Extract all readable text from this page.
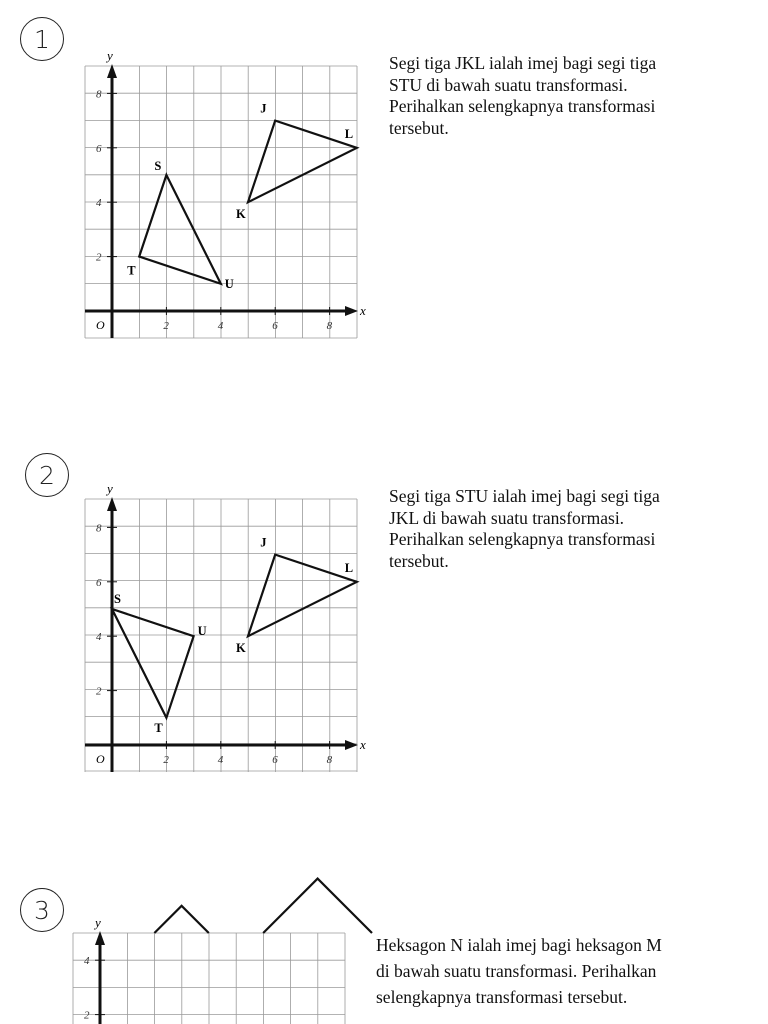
1
y
x
O	2	4	6	8
2
4
6
8
S
T
U
J
K
L

Segi tiga JKL ialah imej bagi segi tiga

STU di bawah suatu transformasi.

Perihalkan selengkapnya transformasi

tersebut.

2	y
x
O	2	4	6	8
2
4
6
8
S
T
U
J
K
L

Segi tiga STU ialah imej bagi segi tiga

JKL di bawah suatu transformasi.

Perihalkan selengkapnya transformasi

tersebut.

3	y
2
4

Heksagon N ialah imej bagi heksagon M

di bawah suatu transformasi. Perihalkan

selengkapnya transformasi tersebut.
